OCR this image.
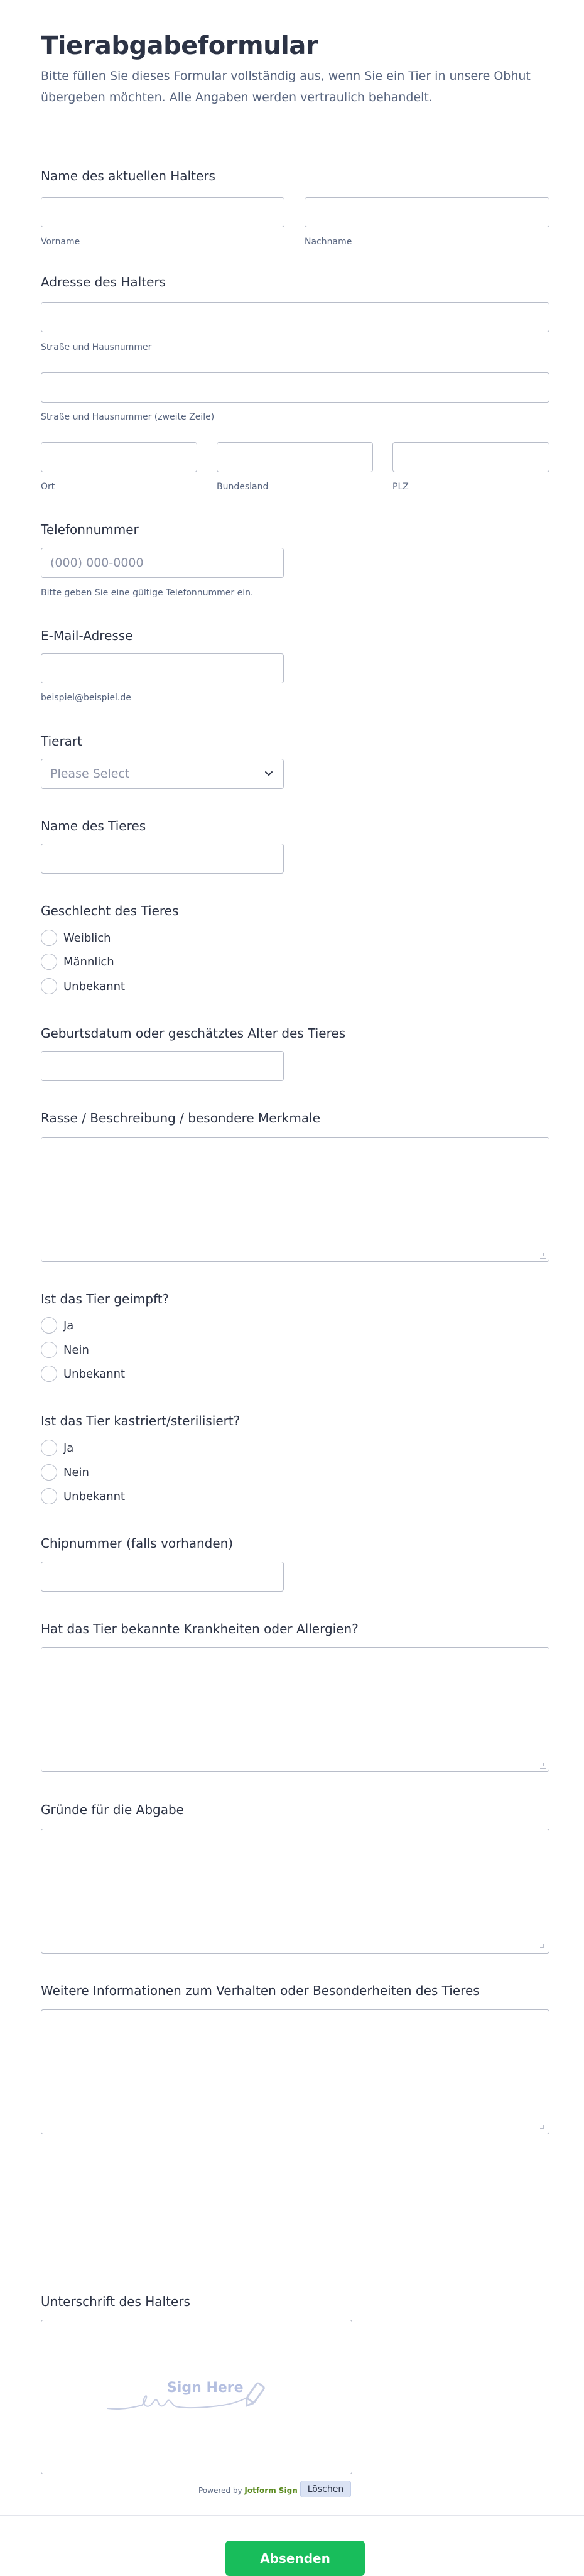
Tierabgabeformular

Bitte füllen Sie dieses Formular vollständig aus, wenn Sie ein Tier in unsere Obhut übergeben möchten. Alle Angaben werden vertraulich behandelt.

Name des aktuellen Halters
Vorname	Nachname
Adresse des Halters
Straße und Hausnummer
Straße und Hausnummer (zweite Zeile)
Ort	Bundesland	PLZ
Telefonnummer
(000) 000-0000
Bitte geben Sie eine gültige Telefonnummer ein.
E-Mail-Adresse
beispiel@beispiel.de
Tierart
Please Select
Name des Tieres
Geschlecht des Tieres
Weiblich
Männlich
Unbekannt
Geburtsdatum oder geschätztes Alter des Tieres
Rasse / Beschreibung / besondere Merkmale
Ist das Tier geimpft?
Ja
Nein
Unbekannt
Ist das Tier kastriert/sterilisiert?
Ja
Nein
Unbekannt
Chipnummer (falls vorhanden)
Hat das Tier bekannte Krankheiten oder Allergien?
Gründe für die Abgabe
Weitere Informationen zum Verhalten oder Besonderheiten des Tieres
Unterschrift des Halters
Sign Here
Powered by Jotform Sign	Löschen
Absenden
